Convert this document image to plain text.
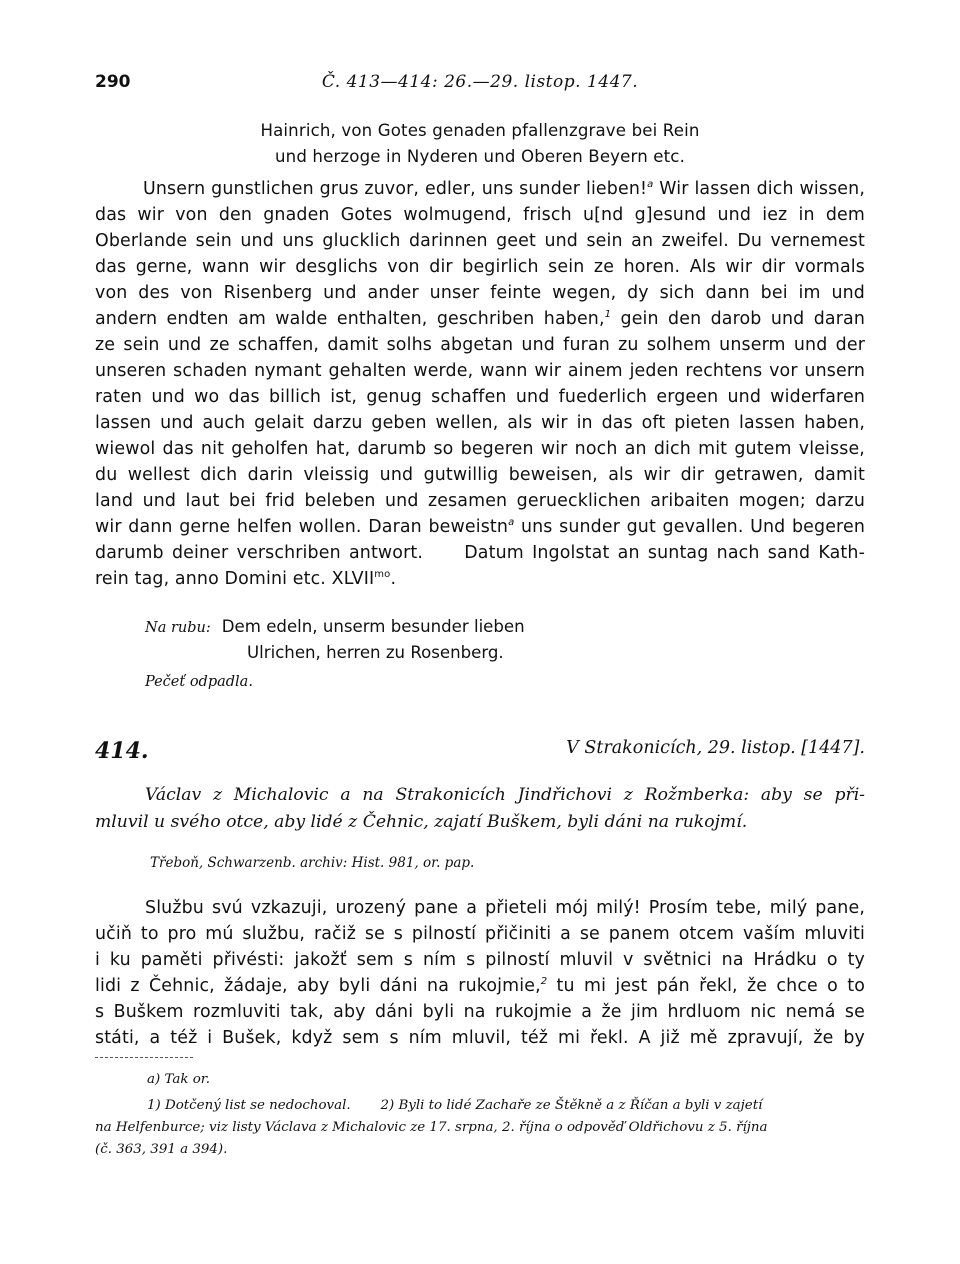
290	Č. 413—414: 26.—29. listop. 1447.
Hainrich, von Gotes genaden pfallenzgrave bei Rein
und herzoge in Nyderen und Oberen Beyern etc.
Unsern gunstlichen grus zuvor, edler, uns sunder lieben!$^a$ Wir lassen dich wissen,
das wir von den gnaden Gotes wolmugend, frisch u[nd g]esund und iez in dem
Oberlande sein und uns glucklich darinnen geet und sein an zweifel. Du vernemest
das gerne, wann wir desglichs von dir begirlich sein ze horen. Als wir dir vormals
von des von Risenberg und ander unser feinte wegen, dy sich dann bei im und
andern endten am walde enthalten, geschriben haben,$^1$ gein den darob und daran
ze sein und ze schaffen, damit solhs abgetan und furan zu solhem unserm und der
unseren schaden nymant gehalten werde, wann wir ainem jeden rechtens vor unsern
raten und wo das billich ist, genug schaffen und fuederlich ergeen und widerfaren
lassen und auch gelait darzu geben wellen, als wir in das oft pieten lassen haben,
wiewol das nit geholfen hat, darumb so begeren wir noch an dich mit gutem vleisse,
du wellest dich darin vleissig und gutwillig beweisen, als wir dir getrawen, damit
land und laut bei frid beleben und zesamen geruecklichen aribaiten mogen; darzu
wir dann gerne helfen wollen. Daran beweistn$^a$ uns sunder gut gevallen. Und begeren
darumb deiner verschriben antwort.     Datum Ingolstat an suntag nach sand Kath-
rein tag, anno Domini etc. $XLVII^{mo}$.
Na rubu: Dem edeln, unserm besunder lieben
Ulrichen, herren zu Rosenberg.
Pečeť odpadla.
414.	V Strakonicích, 29. listop. [1447].
Václav z Michalovic a na Strakonicích Jindřichovi z Rožmberka: aby se při-
mluvil u svého otce, aby lidé z Čehnic, zajatí Buškem, byli dáni na rukojmí.
Třeboň, Schwarzenb. archiv: Hist. 981, or. pap.
Službu svú vzkazuji, urozený pane a přieteli mój milý! Prosím tebe, milý pane,
učiň to pro mú službu, račiž se s pilností přičiniti a se panem otcem vaším mluviti
i ku paměti přivésti: jakožť sem s ním s pilností mluvil v světnici na Hrádku o ty
lidi z Čehnic, žádaje, aby byli dáni na rukojmie,$^2$ tu mi jest pán řekl, že chce o to
s Buškem rozmluviti tak, aby dáni byli na rukojmie a že jim hrdluom nic nemá se
státi, a též i Bušek, když sem s ním mluvil, též mi řekl. A již mě zpravují, že by
a) Tak or.
1) Dotčený list se nedochoval. 2) Byli to lidé Zachaře ze Štěkně a z Říčan a byli v zajetí
na Helfenburce; viz listy Václava z Michalovic ze 17. srpna, 2. října o odpověď Oldřichovu z 5. října
(č. 363, 391 a 394).
